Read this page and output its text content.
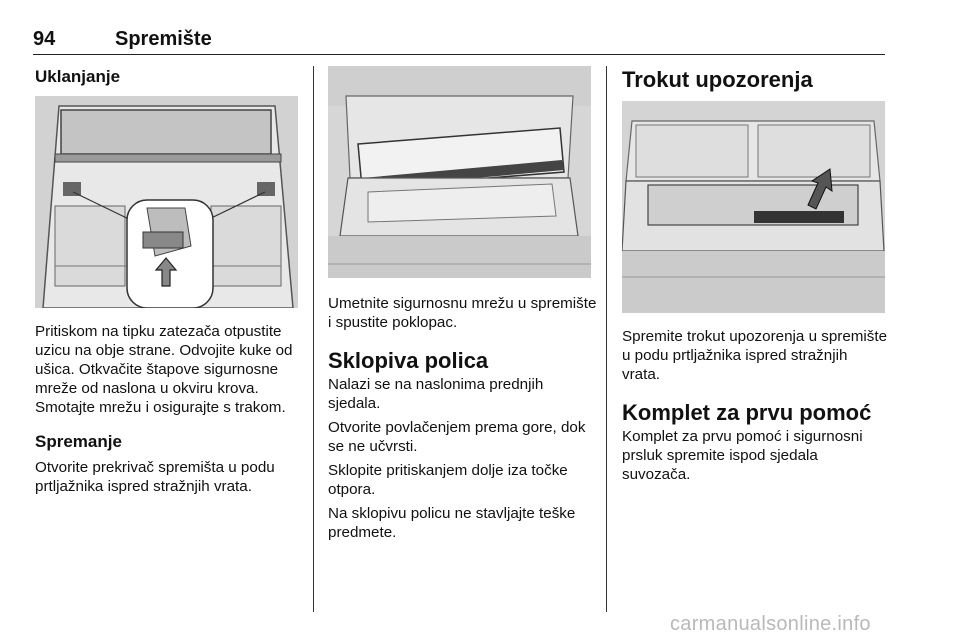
94	Spremište
Uklanjanje

Pritiskom na tipku zatezača otpustite uzicu na obje strane. Odvojite kuke od ušica. Otkvačite štapove sigurnosne mreže od naslona u okviru krova. Smotajte mrežu i osigurajte s trakom.

Spremanje

Otvorite prekrivač spremišta u podu prtljažnika ispred stražnjih vrata.

Umetnite sigurnosnu mrežu u spremište i spustite poklopac.

Sklopiva polica

Nalazi se na naslonima prednjih sjedala.

Otvorite povlačenjem prema gore, dok se ne učvrsti.

Sklopite pritiskanjem dolje iza točke otpora.

Na sklopivu policu ne stavljajte teške predmete.

Trokut upozorenja

Spremite trokut upozorenja u spremište u podu prtljažnika ispred stražnjih vrata.

Komplet za prvu pomoć

Komplet za prvu pomoć i sigurnosni prsluk spremite ispod sjedala suvozača.

carmanualsonline.info
